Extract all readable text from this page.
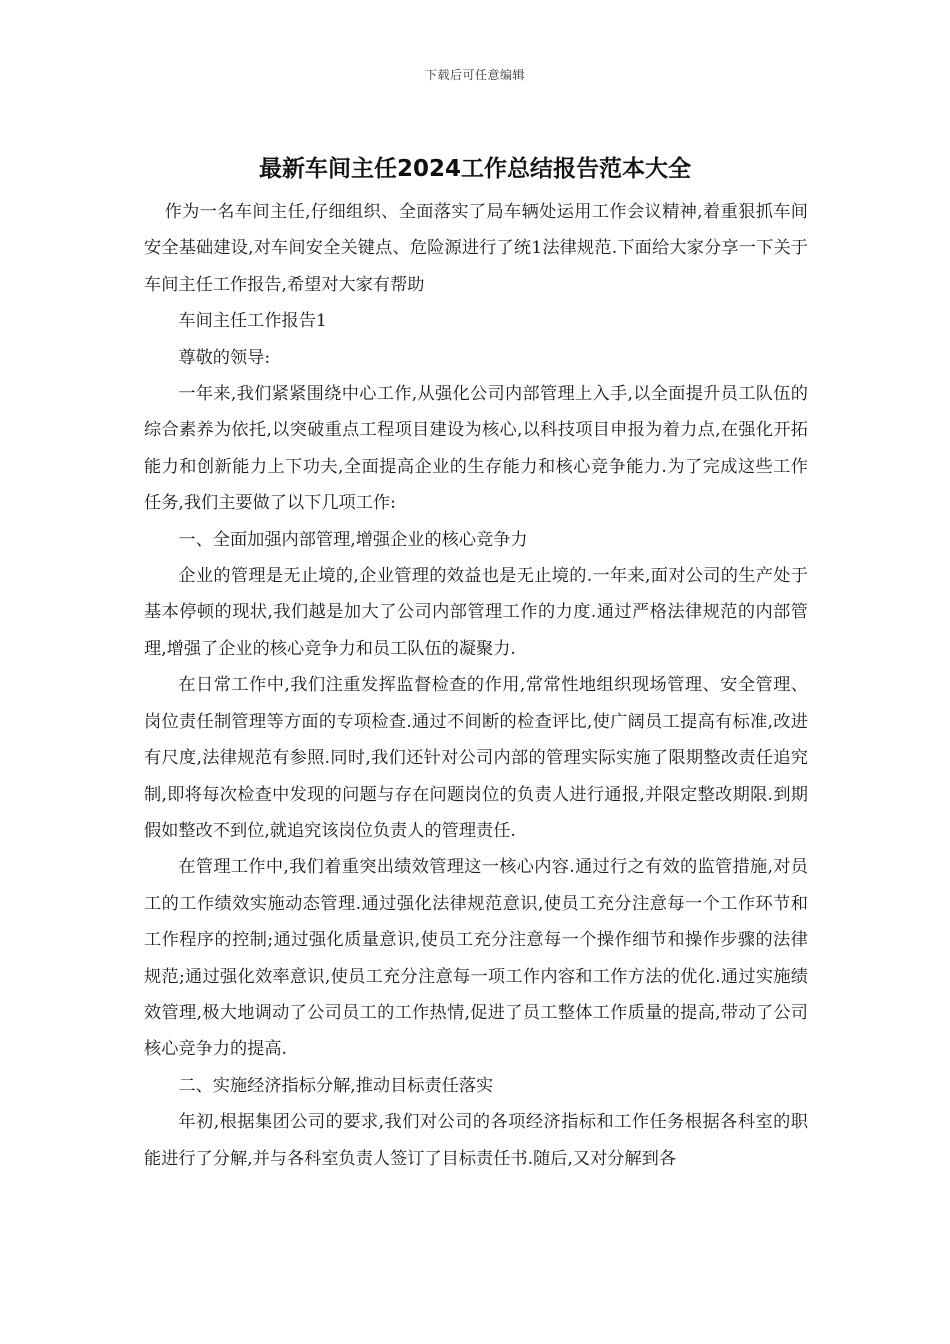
下载后可任意编辑
最新车间主任2024工作总结报告范本大全

作为一名车间主任,仔细组织、全面落实了局车辆处运用工作会议精神,着重狠抓车间安全基础建设,对车间安全关键点、危险源进行了统1法律规范.下面给大家分享一下关于车间主任工作报告,希望对大家有帮助

车间主任工作报告1

尊敬的领导:

一年来,我们紧紧围绕中心工作,从强化公司内部管理上入手,以全面提升员工队伍的综合素养为依托,以突破重点工程项目建设为核心,以科技项目申报为着力点,在强化开拓能力和创新能力上下功夫,全面提高企业的生存能力和核心竞争能力.为了完成这些工作任务,我们主要做了以下几项工作:

一、全面加强内部管理,增强企业的核心竞争力

企业的管理是无止境的,企业管理的效益也是无止境的.一年来,面对公司的生产处于基本停顿的现状,我们越是加大了公司内部管理工作的力度.通过严格法律规范的内部管理,增强了企业的核心竞争力和员工队伍的凝聚力.

在日常工作中,我们注重发挥监督检查的作用,常常性地组织现场管理、安全管理、岗位责任制管理等方面的专项检查.通过不间断的检查评比,使广阔员工提高有标准,改进有尺度,法律规范有参照.同时,我们还针对公司内部的管理实际实施了限期整改责任追究制,即将每次检查中发现的问题与存在问题岗位的负责人进行通报,并限定整改期限.到期假如整改不到位,就追究该岗位负责人的管理责任.

在管理工作中,我们着重突出绩效管理这一核心内容.通过行之有效的监管措施,对员工的工作绩效实施动态管理.通过强化法律规范意识,使员工充分注意每一个工作环节和工作程序的控制;通过强化质量意识,使员工充分注意每一个操作细节和操作步骤的法律规范;通过强化效率意识,使员工充分注意每一项工作内容和工作方法的优化.通过实施绩效管理,极大地调动了公司员工的工作热情,促进了员工整体工作质量的提高,带动了公司核心竞争力的提高.

二、实施经济指标分解,推动目标责任落实

年初,根据集团公司的要求,我们对公司的各项经济指标和工作任务根据各科室的职能进行了分解,并与各科室负责人签订了目标责任书.随后,又对分解到各
